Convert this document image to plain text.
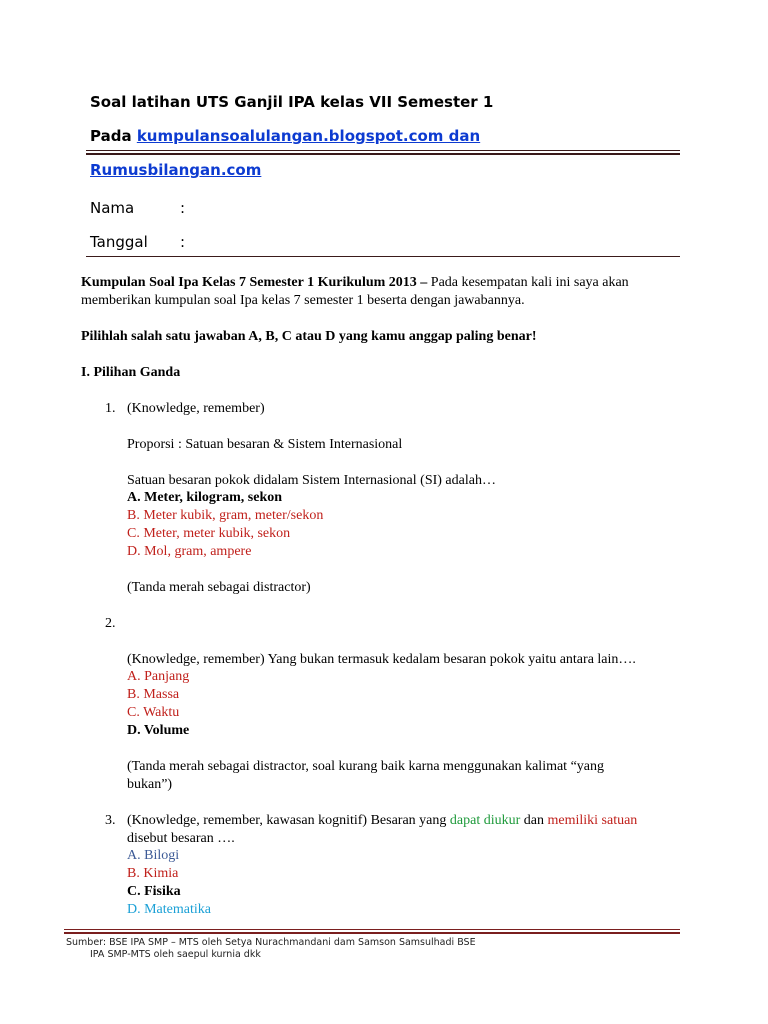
Soal latihan UTS Ganjil IPA kelas VII Semester 1
Pada kumpulansoalulangan.blogspot.com dan
Rumusbilangan.com
Nama	:
Tanggal :
Kumpulan Soal Ipa Kelas 7 Semester 1 Kurikulum 2013 – Pada kesempatan kali ini saya akan
memberikan kumpulan soal Ipa kelas 7 semester 1 beserta dengan jawabannya.
Pilihlah salah satu jawaban A, B, C atau D yang kamu anggap paling benar!
I. Pilihan Ganda
1. (Knowledge, remember)
Proporsi : Satuan besaran & Sistem Internasional
Satuan besaran pokok didalam Sistem Internasional (SI) adalah…
A. Meter, kilogram, sekon
B. Meter kubik, gram, meter/sekon
C. Meter, meter kubik, sekon
D. Mol, gram, ampere
(Tanda merah sebagai distractor)
2.
(Knowledge, remember) Yang bukan termasuk kedalam besaran pokok yaitu antara lain….
A. Panjang
B. Massa
C. Waktu
D. Volume
(Tanda merah sebagai distractor, soal kurang baik karna menggunakan kalimat “yang
bukan”)
3. (Knowledge, remember, kawasan kognitif) Besaran yang dapat diukur dan memiliki satuan
disebut besaran ….
A. Bilogi
B. Kimia
C. Fisika
D. Matematika
Sumber: BSE IPA SMP – MTS oleh Setya Nurachmandani dam Samson Samsulhadi BSE
IPA SMP-MTS oleh saepul kurnia dkk
